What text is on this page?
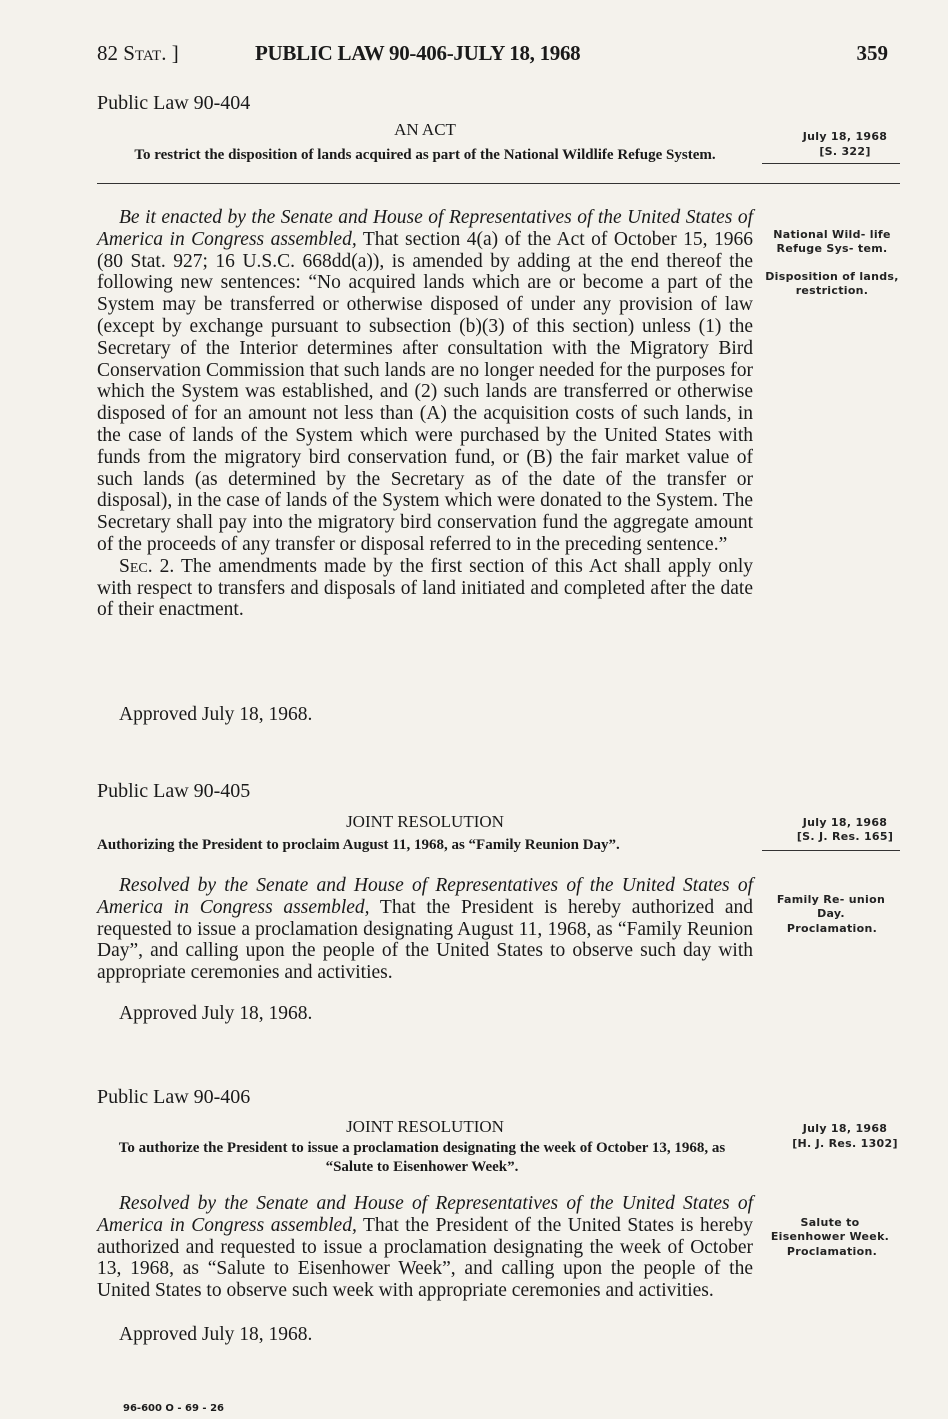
82 Stat. ]	PUBLIC LAW 90-406-JULY 18, 1968	359
Public Law 90-404
AN ACT
To restrict the disposition of lands acquired as part of the National Wildlife Refuge System.
July 18, 1968
[S. 322]
National Wild- life Refuge Sys- tem.
Disposition of lands, restriction.

Be it enacted by the Senate and House of Representatives of the United States of America in Congress assembled, That section 4(a) of the Act of October 15, 1966 (80 Stat. 927; 16 U.S.C. 668dd(a)), is amended by adding at the end thereof the following new sentences: “No acquired lands which are or become a part of the System may be transferred or otherwise disposed of under any provision of law (except by exchange pursuant to subsection (b)(3) of this section) unless (1) the Secretary of the Interior determines after consultation with the Migratory Bird Conservation Commission that such lands are no longer needed for the purposes for which the System was established, and (2) such lands are transferred or otherwise disposed of for an amount not less than (A) the acquisition costs of such lands, in the case of lands of the System which were purchased by the United States with funds from the migratory bird conservation fund, or (B) the fair market value of such lands (as determined by the Secretary as of the date of the transfer or disposal), in the case of lands of the System which were donated to the System. The Secretary shall pay into the migratory bird conservation fund the aggregate amount of the proceeds of any transfer or disposal referred to in the preceding sentence.”

Sec. 2. The amendments made by the first section of this Act shall apply only with respect to transfers and disposals of land initiated and completed after the date of their enactment.

Approved July 18, 1968.
Public Law 90-405
JOINT RESOLUTION
Authorizing the President to proclaim August 11, 1968, as “Family Reunion Day”.
July 18, 1968
[S. J. Res. 165]
Family Re- union Day.
Proclamation.

Resolved by the Senate and House of Representatives of the United States of America in Congress assembled, That the President is hereby authorized and requested to issue a proclamation designating August 11, 1968, as “Family Reunion Day”, and calling upon the people of the United States to observe such day with appropriate ceremonies and activities.

Approved July 18, 1968.
Public Law 90-406
JOINT RESOLUTION
To authorize the President to issue a proclamation designating the week of October 13, 1968, as “Salute to Eisenhower Week”.
July 18, 1968
[H. J. Res. 1302]
Salute to Eisenhower Week.
Proclamation.

Resolved by the Senate and House of Representatives of the United States of America in Congress assembled, That the President of the United States is hereby authorized and requested to issue a proclamation designating the week of October 13, 1968, as “Salute to Eisenhower Week”, and calling upon the people of the United States to observe such week with appropriate ceremonies and activities.

Approved July 18, 1968.
96-600 O - 69 - 26
